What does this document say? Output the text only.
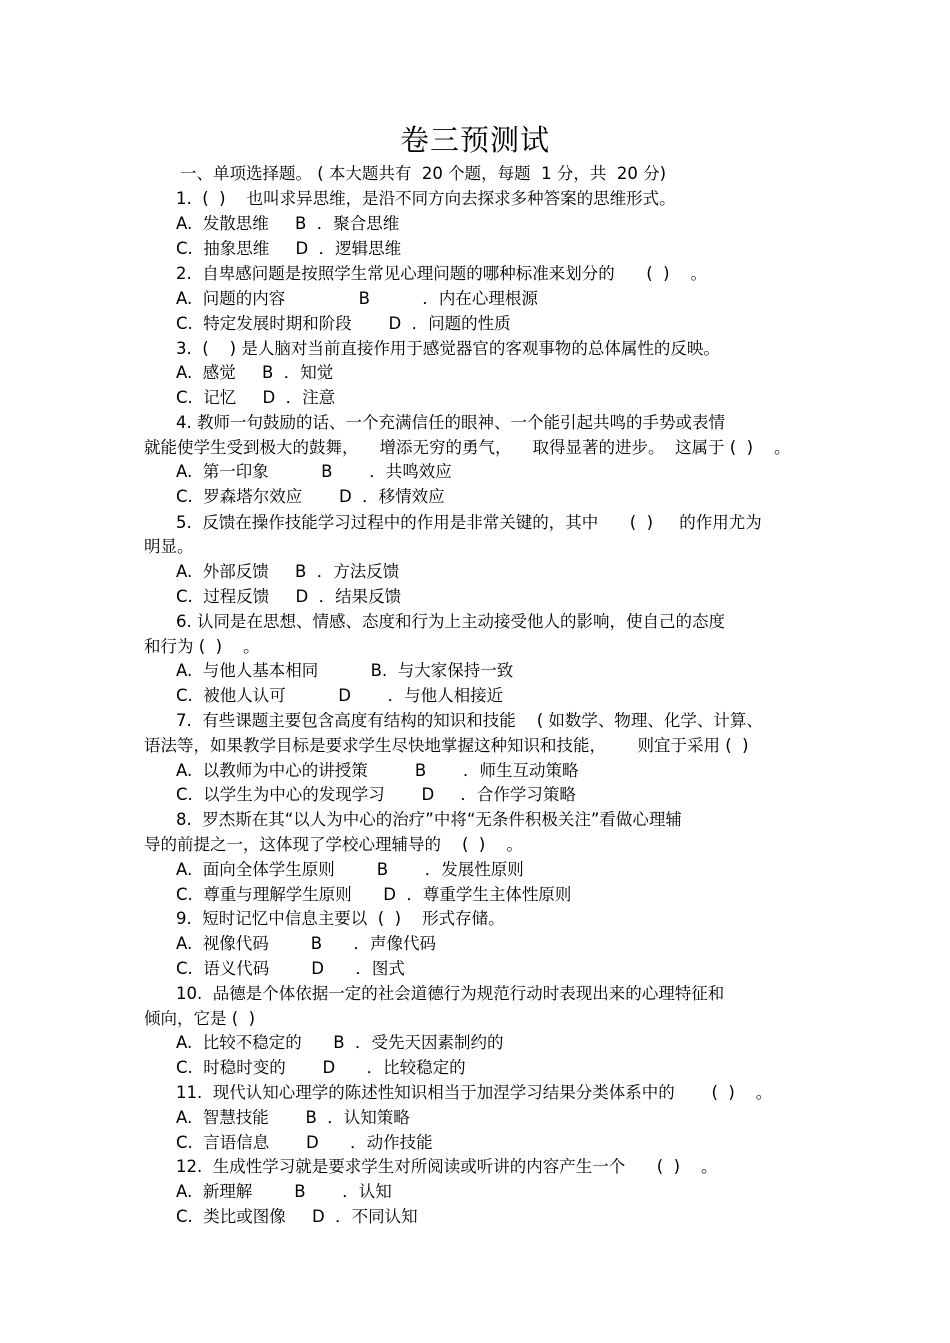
卷三预测试
一、单项选择题。 ( 本大题共有  20 个题，每题  1 分，共  20 分)
1.  (  )    也叫求异思维，是沿不同方向去探求多种答案的思维形式。
A.  发散思维     B  ．聚合思维
C.  抽象思维     D  ．逻辑思维
2.  自卑感问题是按照学生常见心理问题的哪种标准来划分的      (  )    。
A.  问题的内容              B          ．内在心理根源
C.  特定发展时期和阶段       D  ．问题的性质
3.  (    ) 是人脑对当前直接作用于感觉器官的客观事物的总体属性的反映。
A.  感觉     B  ．知觉
C.  记忆     D  ．注意
4. 教师一句鼓励的话、一个充满信任的眼神、一个能引起共鸣的手势或表情
就能使学生受到极大的鼓舞，    增添无穷的勇气，    取得显著的进步。  这属于 (  )    。
A.  第一印象          B       ．共鸣效应
C.  罗森塔尔效应       D  ．移情效应
5.  反馈在操作技能学习过程中的作用是非常关键的，其中      (  )     的作用尤为
明显。
A.  外部反馈     B  ．方法反馈
C.  过程反馈     D  ．结果反馈
6. 认同是在思想、情感、态度和行为上主动接受他人的影响，使自己的态度
和行为 (  )    。
A.  与他人基本相同          B.  与大家保持一致
C.  被他人认可          D       ．与他人相接近
7.  有些课题主要包含高度有结构的知识和技能    ( 如数学、物理、化学、计算、
语法等，如果教学目标是要求学生尽快地掌握这种知识和技能，      则宜于采用 (  )
A.  以教师为中心的讲授策         B       ．师生互动策略
C.  以学生为中心的发现学习       D     ．合作学习策略
8.  罗杰斯在其“以人为中心的治疗”中将“无条件积极关注”看做心理辅
导的前提之一，这体现了学校心理辅导的    (  )    。
A.  面向全体学生原则        B       ．发展性原则
C.  尊重与理解学生原则      D  ．尊重学生主体性原则
9.  短时记忆中信息主要以  (  )    形式存储。
A.  视像代码        B      ．声像代码
C.  语义代码        D      ．图式
10.  品德是个体依据一定的社会道德行为规范行动时表现出来的心理特征和
倾向，它是 (  )
A.  比较不稳定的      B  ．受先天因素制约的
C.  时稳时变的       D      ．比较稳定的
11.  现代认知心理学的陈述性知识相当于加涅学习结果分类体系中的       (  )    。
A.  智慧技能       B  ．认知策略
C.  言语信息       D      ．动作技能
12.  生成性学习就是要求学生对所阅读或听讲的内容产生一个      (  )    。
A.  新理解        B       ．认知
C.  类比或图像     D  ．不同认知
